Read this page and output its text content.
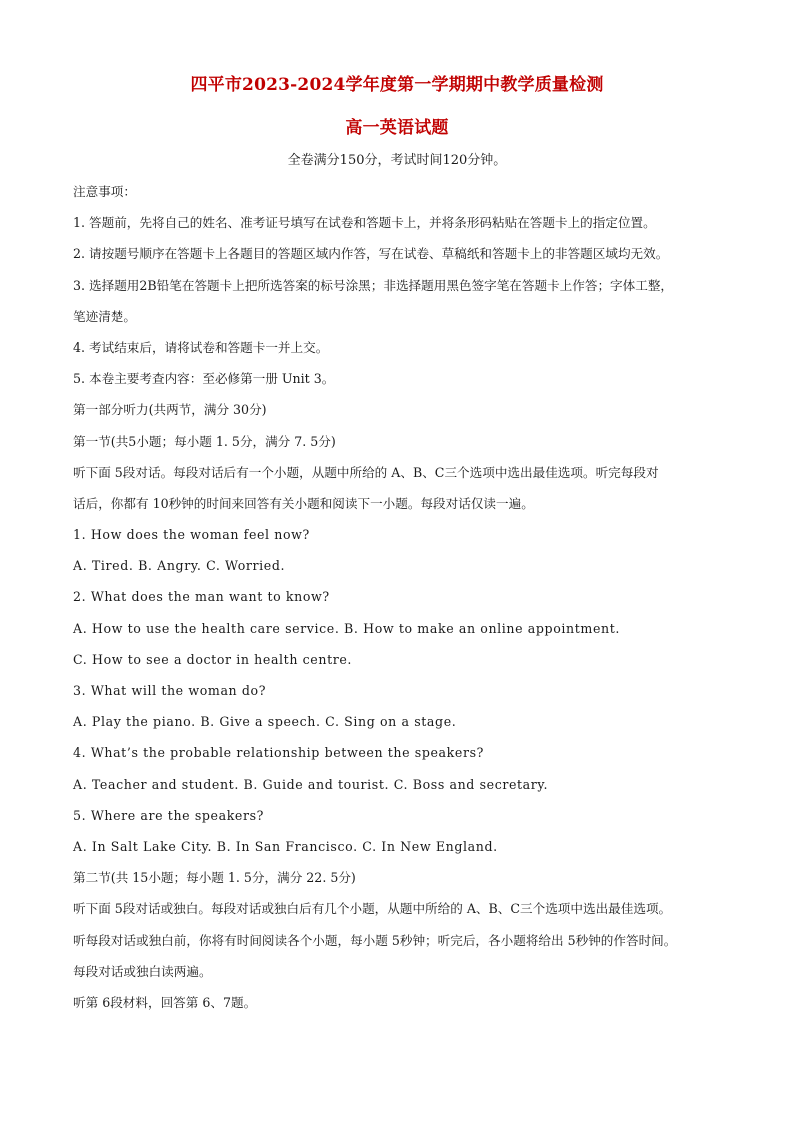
四平市2023-2024学年度第一学期期中教学质量检测
高一英语试题
全卷满分150分，考试时间120分钟。
注意事项：
1. 答题前，先将自己的姓名、准考证号填写在试卷和答题卡上，并将条形码粘贴在答题卡上的指定位置。
2. 请按题号顺序在答题卡上各题目的答题区域内作答，写在试卷、草稿纸和答题卡上的非答题区域均无效。
3. 选择题用2B铅笔在答题卡上把所选答案的标号涂黑；非选择题用黑色签字笔在答题卡上作答；字体工整，
笔迹清楚。
4. 考试结束后，请将试卷和答题卡一并上交。
5. 本卷主要考查内容：至必修第一册 Unit 3。
第一部分听力(共两节，满分 30分)
第一节(共5小题；每小题 1. 5分，满分 7. 5分)
听下面 5段对话。每段对话后有一个小题，从题中所给的 A、B、C三个选项中选出最佳选项。听完每段对
话后，你都有 10秒钟的时间来回答有关小题和阅读下一小题。每段对话仅读一遍。
1. How does the woman feel now?
A. Tired. B. Angry. C. Worried.
2. What does the man want to know?
A. How to use the health care service. B. How to make an online appointment.
C. How to see a doctor in health centre.
3. What will the woman do?
A. Play the piano. B. Give a speech. C. Sing on a stage.
4. What’s the probable relationship between the speakers?
A. Teacher and student. B. Guide and tourist. C. Boss and secretary.
5. Where are the speakers?
A. In Salt Lake City. B. In San Francisco. C. In New England.
第二节(共 15小题；每小题 1. 5分，满分 22. 5分)
听下面 5段对话或独白。每段对话或独白后有几个小题，从题中所给的 A、B、C三个选项中选出最佳选项。
听每段对话或独白前，你将有时间阅读各个小题，每小题 5秒钟；听完后，各小题将给出 5秒钟的作答时间。
每段对话或独白读两遍。
听第 6段材料，回答第 6、7题。
